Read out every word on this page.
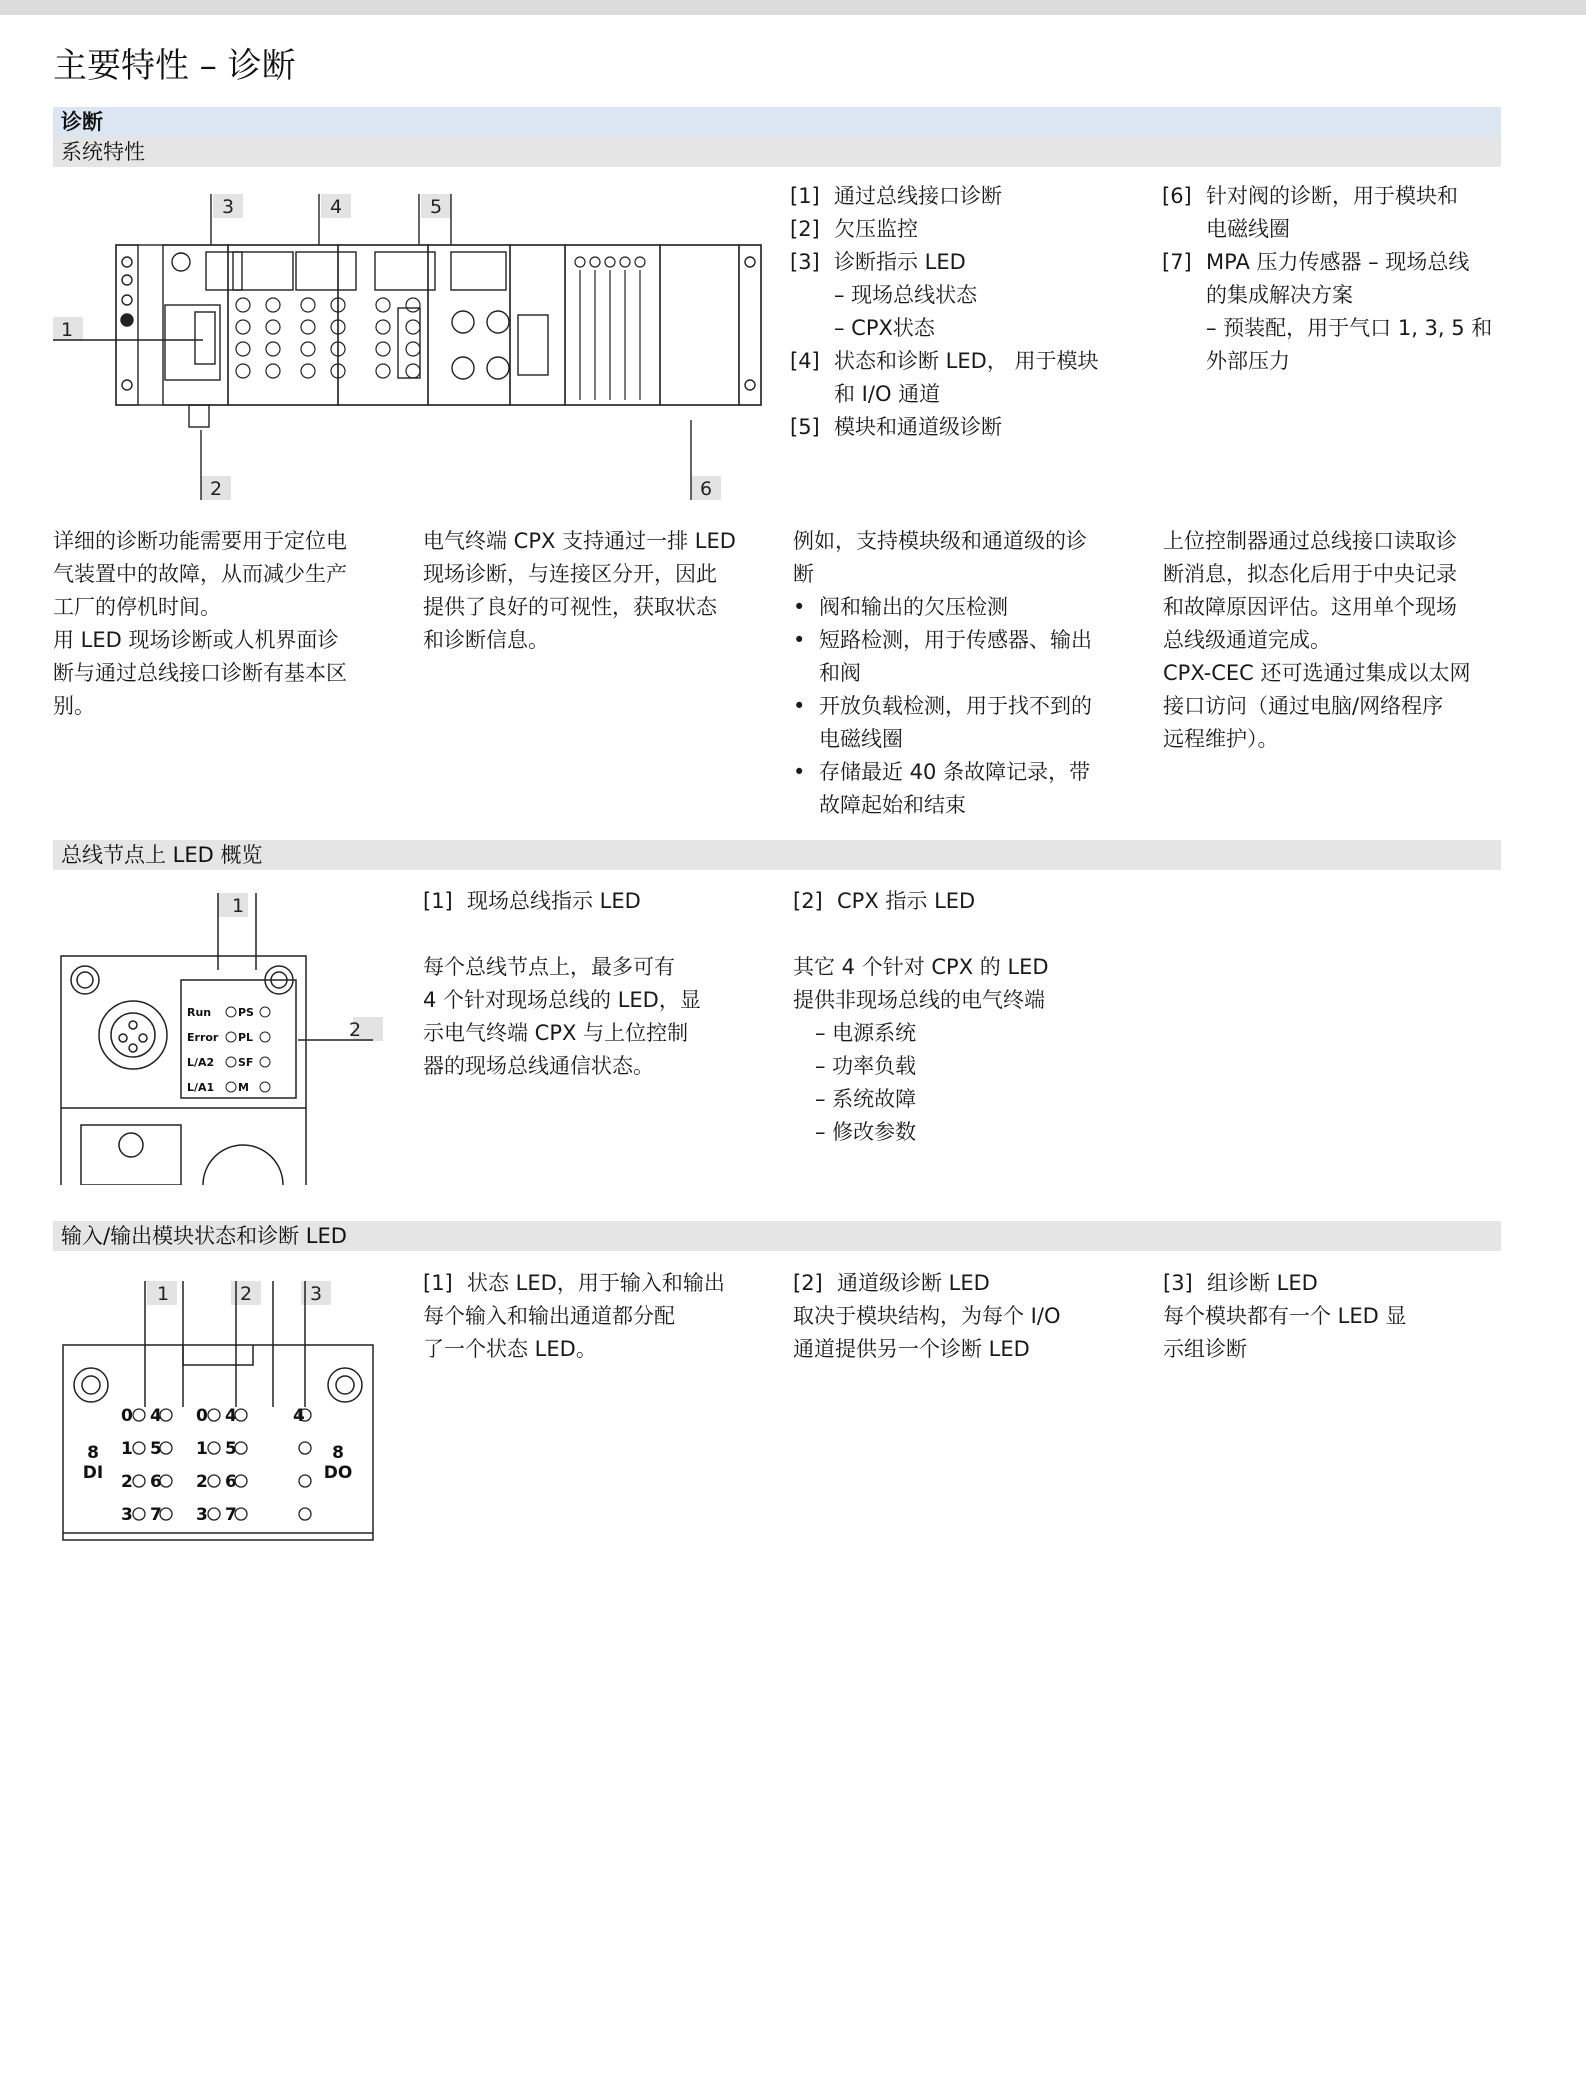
主要特性 – 诊断
诊断
系统特性
3	4	5
1
2	6
[1] 通过总线接口诊断
[2] 欠压监控
[3] 诊断指示 LED
– 现场总线状态
– CPX状态
[4] 状态和诊断 LED， 用于模块
和 I/O 通道
[5] 模块和通道级诊断
[6] 针对阀的诊断，用于模块和
电磁线圈
[7] MPA 压力传感器 – 现场总线
的集成解决方案
– 预装配，用于气口 1, 3, 5 和
外部压力
详细的诊断功能需要用于定位电
气装置中的故障，从而减少生产
工厂的停机时间。
用 LED 现场诊断或人机界面诊
断与通过总线接口诊断有基本区
别。
电气终端 CPX 支持通过一排 LED
现场诊断，与连接区分开，因此
提供了良好的可视性，获取状态
和诊断信息。
例如，支持模块级和通道级的诊
断
• 阀和输出的欠压检测
• 短路检测，用于传感器、输出
和阀
• 开放负载检测，用于找不到的
电磁线圈
• 存储最近 40 条故障记录，带
故障起始和结束
上位控制器通过总线接口读取诊
断消息，拟态化后用于中央记录
和故障原因评估。这用单个现场
总线级通道完成。
CPX-CEC 还可选通过集成以太网
接口访问（通过电脑/网络程序
远程维护）。
总线节点上 LED 概览
Run PS
Error PL
L/A2 SF
L/A1 M
1
2
[1] 现场总线指示 LED
每个总线节点上，最多可有
4 个针对现场总线的 LED，显
示电气终端 CPX 与上位控制
器的现场总线通信状态。
[2] CPX 指示 LED
其它 4 个针对 CPX 的 LED
提供非现场总线的电气终端
– 电源系统
– 功率负载
– 系统故障
– 修改参数
输入/输出模块状态和诊断 LED
0 4 0 4	4
1 5 1 5
2 6 2 6
3 7 3 7
1	2	3
8
DI
8
DO
[1] 状态 LED，用于输入和输出
每个输入和输出通道都分配
了一个状态 LED。
[2] 通道级诊断 LED
取决于模块结构，为每个 I/O
通道提供另一个诊断 LED
[3] 组诊断 LED
每个模块都有一个 LED 显
示组诊断
